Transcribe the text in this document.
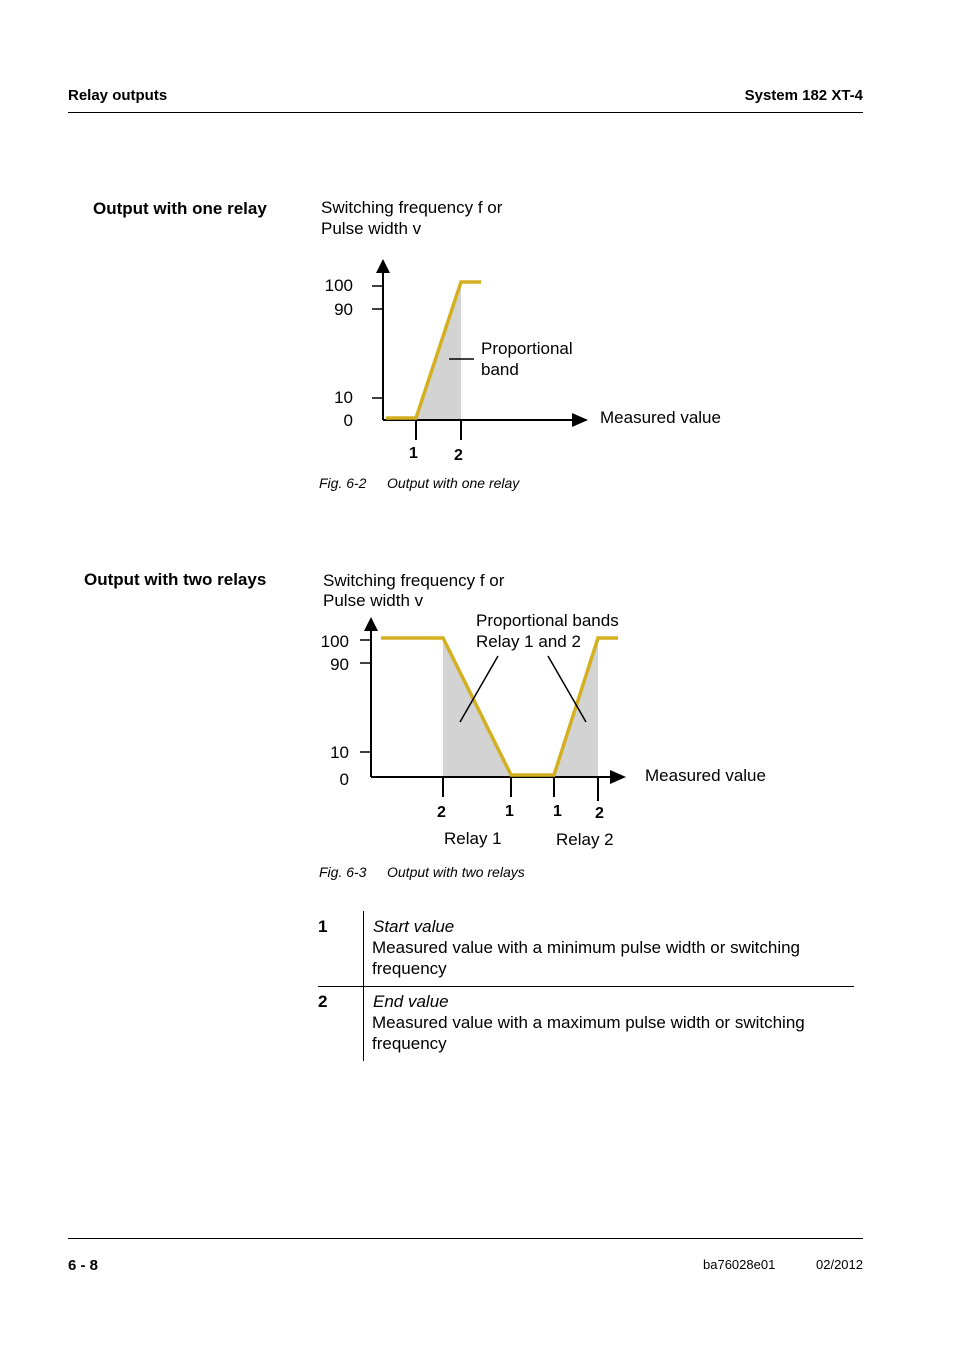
Relay outputs	System 182 XT-4
Output with one relay	Switching frequency f or
Pulse width v
100
90
10
0
Proportional
band
Measured value
1 2
Fig. 6-2 Output with one relay
Output with two relays	Switching frequency f or
Pulse width v
Proportional bands
Relay 1 and 2
100
90
10
0	Measured value
2	1 1 2
Relay 1	Relay 2
Fig. 6-3 Output with two relays
1	Start value
Measured value with a minimum pulse width or switching
frequency
2	End value
Measured value with a maximum pulse width or switching
frequency
6 - 8	ba76028e01	02/2012
